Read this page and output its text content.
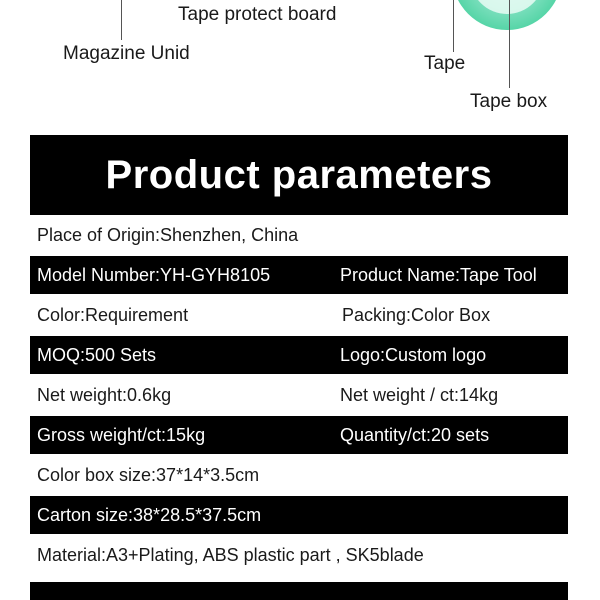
Tape protect board
Magazine Unid	Tape
Tape box
Product parameters
Place of Origin:Shenzhen, China
Model Number:YH-GYH8105	Product Name:Tape Tool
Color:Requirement	Packing:Color Box
MOQ:500 Sets	Logo:Custom logo
Net weight:0.6kg	Net weight / ct:14kg
Gross weight/ct:15kg	Quantity/ct:20 sets
Color box size:37*14*3.5cm
Carton size:38*28.5*37.5cm
Material:A3+Plating, ABS plastic part , SK5blade
